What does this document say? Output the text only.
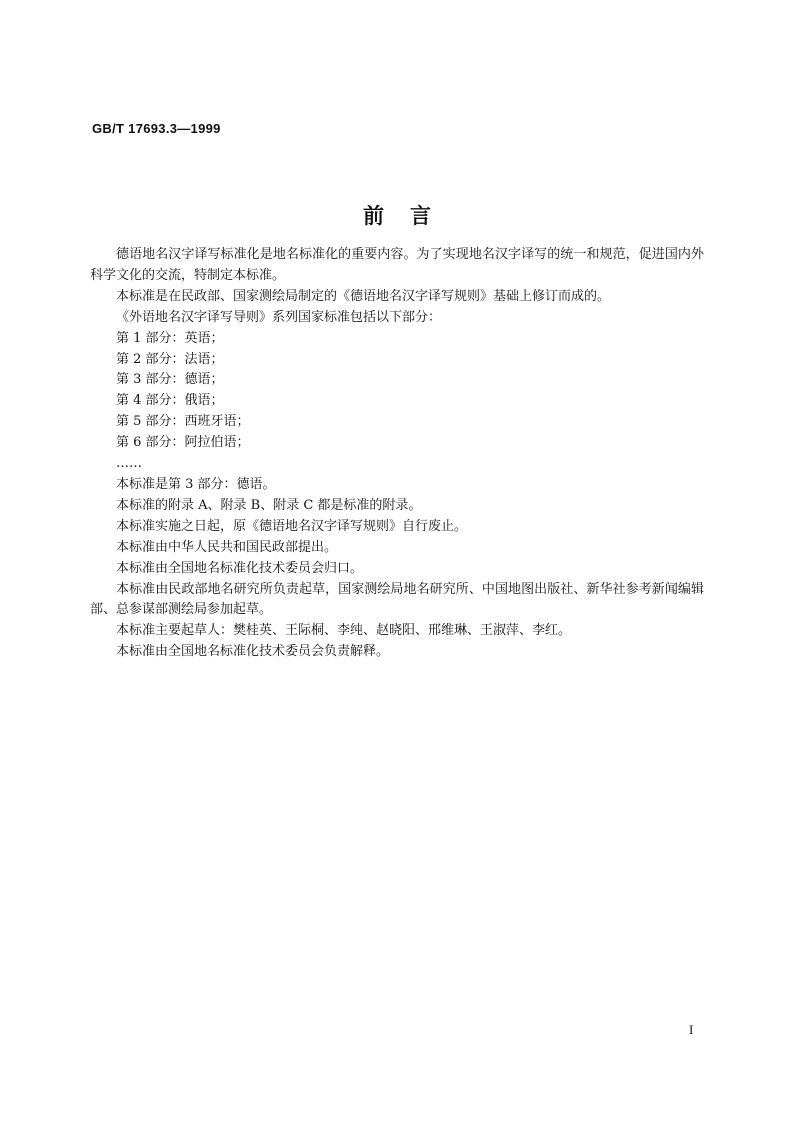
GB/T 17693.3—1999
前言

德语地名汉字译写标准化是地名标准化的重要内容。为了实现地名汉字译写的统一和规范，促进国内外科学文化的交流，特制定本标准。

本标准是在民政部、国家测绘局制定的《德语地名汉字译写规则》基础上修订而成的。

《外语地名汉字译写导则》系列国家标准包括以下部分：

第 1 部分：英语；

第 2 部分：法语；

第 3 部分：德语；

第 4 部分：俄语；

第 5 部分：西班牙语；

第 6 部分：阿拉伯语；

……

本标准是第 3 部分：德语。

本标准的附录 A、附录 B、附录 C 都是标准的附录。

本标准实施之日起，原《德语地名汉字译写规则》自行废止。

本标准由中华人民共和国民政部提出。

本标准由全国地名标准化技术委员会归口。

本标准由民政部地名研究所负责起草，国家测绘局地名研究所、中国地图出版社、新华社参考新闻编辑部、总参谋部测绘局参加起草。

本标准主要起草人：樊桂英、王际桐、李纯、赵晓阳、邢维琳、王淑萍、李红。

本标准由全国地名标准化技术委员会负责解释。

I
